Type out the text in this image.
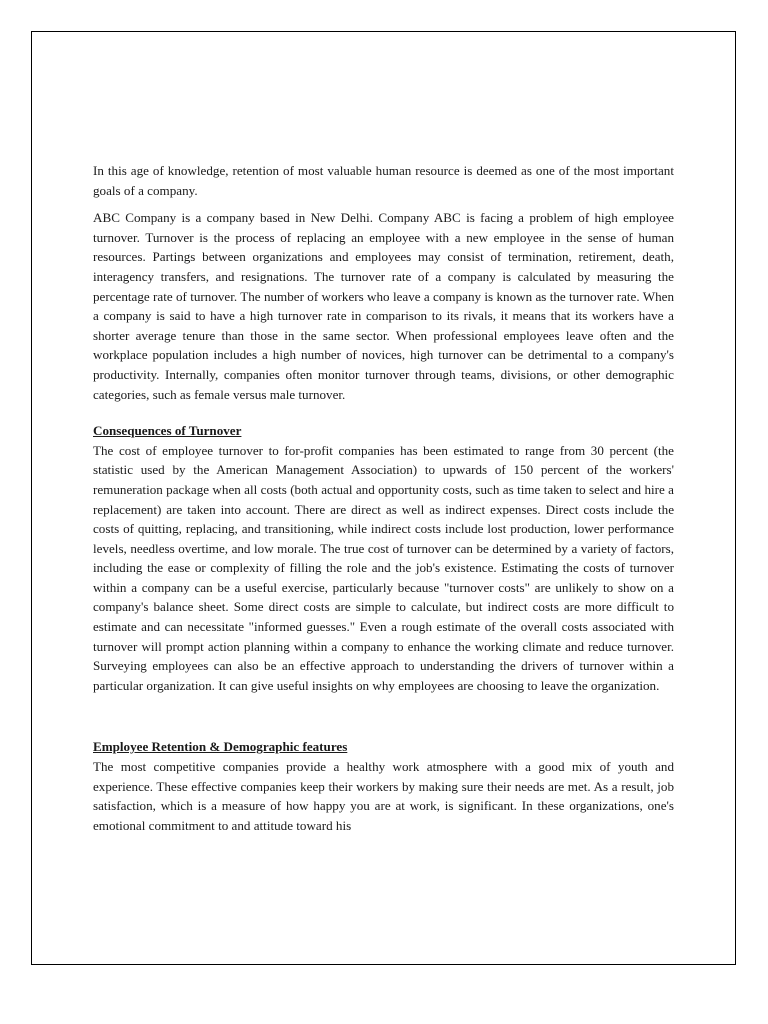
In this age of knowledge, retention of most valuable human resource is deemed as one of the most important goals of a company.

ABC Company is a company based in New Delhi. Company ABC is facing a problem of high employee turnover. Turnover is the process of replacing an employee with a new employee in the sense of human resources. Partings between organizations and employees may consist of termination, retirement, death, interagency transfers, and resignations. The turnover rate of a company is calculated by measuring the percentage rate of turnover. The number of workers who leave a company is known as the turnover rate. When a company is said to have a high turnover rate in comparison to its rivals, it means that its workers have a shorter average tenure than those in the same sector. When professional employees leave often and the workplace population includes a high number of novices, high turnover can be detrimental to a company's productivity. Internally, companies often monitor turnover through teams, divisions, or other demographic categories, such as female versus male turnover.

Consequences of Turnover

The cost of employee turnover to for-profit companies has been estimated to range from 30 percent (the statistic used by the American Management Association) to upwards of 150 percent of the workers' remuneration package when all costs (both actual and opportunity costs, such as time taken to select and hire a replacement) are taken into account. There are direct as well as indirect expenses. Direct costs include the costs of quitting, replacing, and transitioning, while indirect costs include lost production, lower performance levels, needless overtime, and low morale. The true cost of turnover can be determined by a variety of factors, including the ease or complexity of filling the role and the job's existence. Estimating the costs of turnover within a company can be a useful exercise, particularly because "turnover costs" are unlikely to show on a company's balance sheet. Some direct costs are simple to calculate, but indirect costs are more difficult to estimate and can necessitate "informed guesses." Even a rough estimate of the overall costs associated with turnover will prompt action planning within a company to enhance the working climate and reduce turnover. Surveying employees can also be an effective approach to understanding the drivers of turnover within a particular organization. It can give useful insights on why employees are choosing to leave the organization.

Employee Retention & Demographic features

The most competitive companies provide a healthy work atmosphere with a good mix of youth and experience. These effective companies keep their workers by making sure their needs are met. As a result, job satisfaction, which is a measure of how happy you are at work, is significant. In these organizations, one's emotional commitment to and attitude toward his
